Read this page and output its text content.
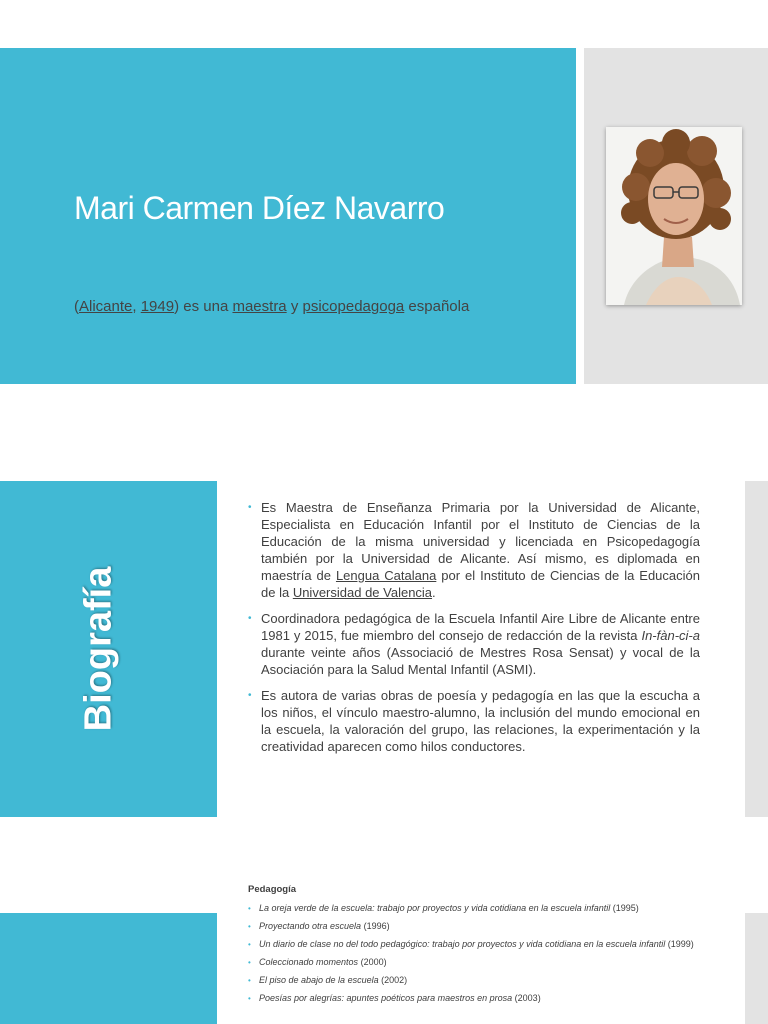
Mari Carmen Díez Navarro
(Alicante, 1949) es una maestra y psicopedagoga española
Biografía
• Es Maestra de Enseñanza Primaria por la Universidad de Alicante, Especialista en Educación Infantil por el Instituto de Ciencias de la Educación de la misma universidad y licenciada en Psicopedagogía también por la Universidad de Alicante. Así mismo, es diplomada en maestría de Lengua Catalana por el Instituto de Ciencias de la Educación de la Universidad de Valencia.
• Coordinadora pedagógica de la Escuela Infantil Aire Libre de Alicante entre 1981 y 2015, fue miembro del consejo de redacción de la revista In-fàn-ci-a durante veinte años (Associació de Mestres Rosa Sensat) y vocal de la Asociación para la Salud Mental Infantil (ASMI).
• Es autora de varias obras de poesía y pedagogía en las que la escucha a los niños, el vínculo maestro-alumno, la inclusión del mundo emocional en la escuela, la valoración del grupo, las relaciones, la experimentación y la creatividad aparecen como hilos conductores.
Pedagogía
• La oreja verde de la escuela: trabajo por proyectos y vida cotidiana en la escuela infantil (1995)
• Proyectando otra escuela (1996)
• Un diario de clase no del todo pedagógico: trabajo por proyectos y vida cotidiana en la escuela infantil (1999)
• Coleccionado momentos (2000)
• El piso de abajo de la escuela (2002)
• Poesías por alegrías: apuntes poéticos para maestros en prosa (2003)
